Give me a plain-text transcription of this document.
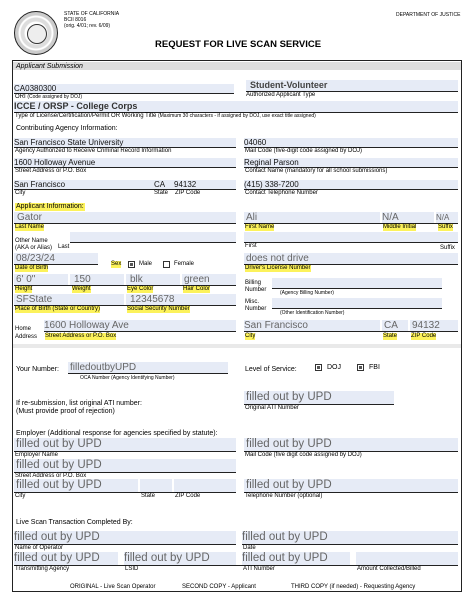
STATE OF CALIFORNIA
BCII 8016
(orig. 4/01; rev. 6/09)
DEPARTMENT OF JUSTICE
REQUEST FOR LIVE SCAN SERVICE
Applicant Submission
CA0380300
ORI (Code assigned by DOJ)
Student-Volunteer
Authorized Applicant Type
ICCE / ORSP - College Corps
Type of License/Certification/Permit OR Working Title (Maximum 30 characters - if assigned by DOJ, use exact title assigned)
Contributing Agency Information:
San Francisco State University
Agency Authorized to Receive Criminal Record Information
04060
Mail Code (five-digit code assigned by DOJ)
1600 Holloway Avenue
Street Address or P.O. Box
Reginal Parson
Contact Name (mandatory for all school submissions)
San Francisco	CA	94132
City	State ZIP Code
(415) 338-7200
Contact Telephone Number
Applicant Information:
Gator
Last Name
Ali	N/A	N/A
First Name	Middle Initial	Suffix
Other Name
(AKA or Alias) Last	First	Suffix
08/23/24
Date of Birth
Sex	Male	Female	does not drive
Driver's License Number
6' 0"	150	blk	green
Height	Weight	Eye Color	Hair Color
Billing
Number	(Agency Billing Number)
SFState	12345678
Place of Birth (State or Country)	Social Security Number
Misc.
Number
(Other Identification Number)
Home
Address
1600 Holloway Ave
Street Address or P.O. Box
San Francisco	CA	94132
City	State ZIP Code
Your Number: filledoutbyUPD
OCA Number (Agency Identifying Number)
Level of Service:	DOJ	FBI
If re-submission, list original ATI number:
(Must provide proof of rejection)
filled out by UPD
Original ATI Number
Employer (Additional response for agencies specified by statute):
filled out by UPD
Employer Name
filled out by UPD
Mail Code (five digit code assigned by DOJ)
filled out by UPD
Street Address or P.O. Box
filled out by UPD
City	State	ZIP Code
filled out by UPD
Telephone Number (optional)
Live Scan Transaction Completed By:
filled out by UPD
Name of Operator
filled out by UPD
Date
filled out by UPD	filled out by UPD	filled out by UPD
Transmitting Agency	LSID	ATI Number	Amount Collected/Billed
ORIGINAL - Live Scan Operator	SECOND COPY - Applicant	THIRD COPY (if needed) - Requesting Agency
